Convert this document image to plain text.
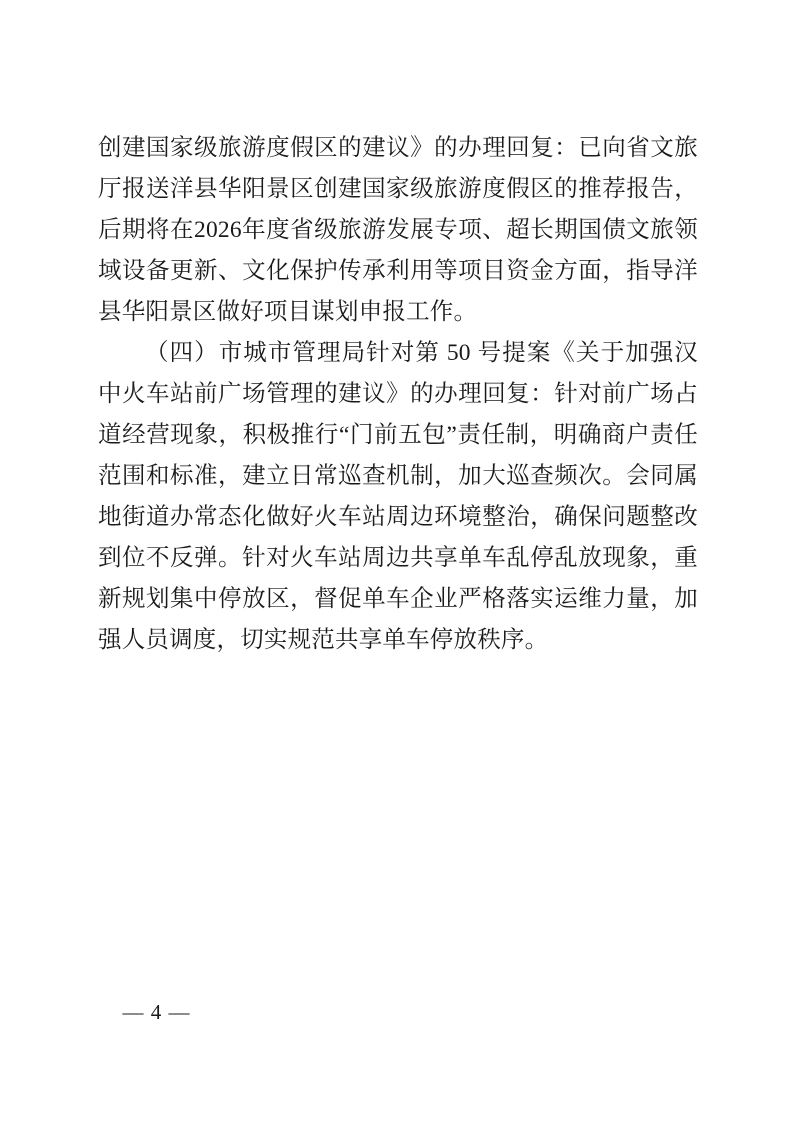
创建国家级旅游度假区的建议》的办理回复：已向省文旅厅报送洋县华阳景区创建国家级旅游度假区的推荐报告，后期将在2026年度省级旅游发展专项、超长期国债文旅领域设备更新、文化保护传承利用等项目资金方面，指导洋县华阳景区做好项目谋划申报工作。

（四）市城市管理局针对第 50 号提案《关于加强汉中火车站前广场管理的建议》的办理回复：针对前广场占道经营现象，积极推行“门前五包”责任制，明确商户责任范围和标准，建立日常巡查机制，加大巡查频次。会同属地街道办常态化做好火车站周边环境整治，确保问题整改到位不反弹。针对火车站周边共享单车乱停乱放现象，重新规划集中停放区，督促单车企业严格落实运维力量，加强人员调度，切实规范共享单车停放秩序。

— 4 —
